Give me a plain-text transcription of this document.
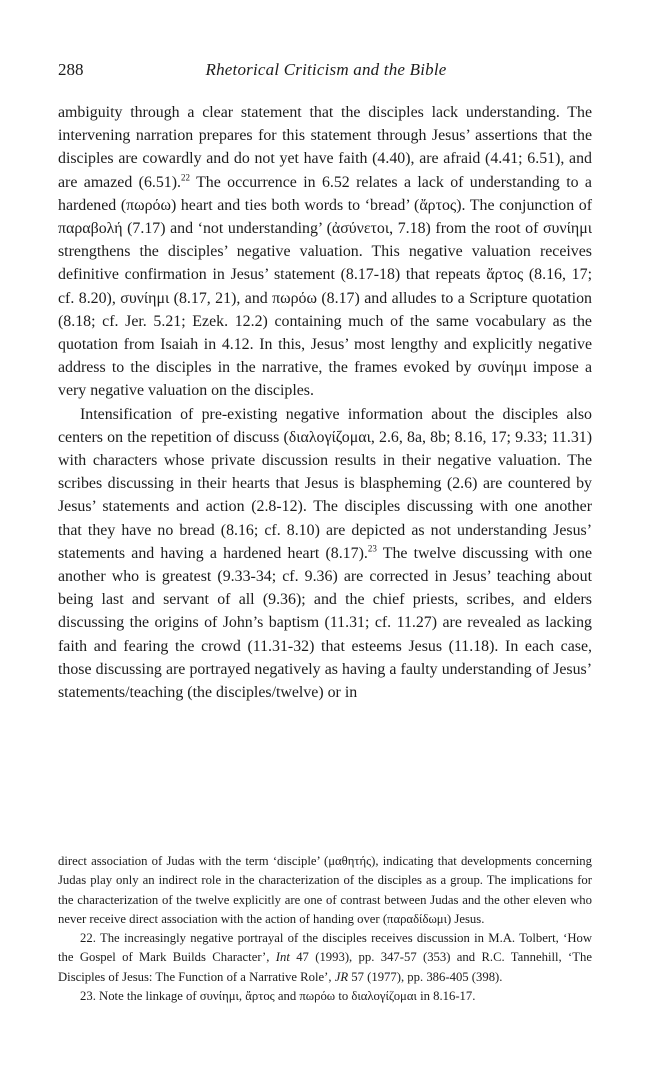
288	Rhetorical Criticism and the Bible

ambiguity through a clear statement that the disciples lack understanding. The intervening narration prepares for this statement through Jesus’ assertions that the disciples are cowardly and do not yet have faith (4.40), are afraid (4.41; 6.51), and are amazed (6.51).$^{22}$ The occurrence in 6.52 relates a lack of understanding to a hardened (πωρόω) heart and ties both words to ‘bread’ (ἄρτος). The conjunction of παραβολή (7.17) and ‘not understanding’ (ἀσύνετοι, 7.18) from the root of συνίημι strengthens the disciples’ negative valuation. This negative valuation receives definitive confirmation in Jesus’ statement (8.17-18) that repeats ἄρτος (8.16, 17; cf. 8.20), συνίημι (8.17, 21), and πωρόω (8.17) and alludes to a Scripture quotation (8.18; cf. Jer. 5.21; Ezek. 12.2) containing much of the same vocabulary as the quotation from Isaiah in 4.12. In this, Jesus’ most lengthy and explicitly negative address to the disciples in the narrative, the frames evoked by συνίημι impose a very negative valuation on the disciples.

Intensification of pre-existing negative information about the disciples also centers on the repetition of discuss (διαλογίζομαι, 2.6, 8a, 8b; 8.16, 17; 9.33; 11.31) with characters whose private discussion results in their negative valuation. The scribes discussing in their hearts that Jesus is blaspheming (2.6) are countered by Jesus’ statements and action (2.8-12). The disciples discussing with one another that they have no bread (8.16; cf. 8.10) are depicted as not understanding Jesus’ statements and having a hardened heart (8.17).$^{23}$ The twelve discussing with one another who is greatest (9.33-34; cf. 9.36) are corrected in Jesus’ teaching about being last and servant of all (9.36); and the chief priests, scribes, and elders discussing the origins of John’s baptism (11.31; cf. 11.27) are revealed as lacking faith and fearing the crowd (11.31-32) that esteems Jesus (11.18). In each case, those discussing are portrayed negatively as having a faulty understanding of Jesus’ statements/teaching (the disciples/twelve) or in

direct association of Judas with the term ‘disciple’ (μαθητής), indicating that developments concerning Judas play only an indirect role in the characterization of the disciples as a group. The implications for the characterization of the twelve explicitly are one of contrast between Judas and the other eleven who never receive direct association with the action of handing over (παραδίδωμι) Jesus.

22. The increasingly negative portrayal of the disciples receives discussion in M.A. Tolbert, ‘How the Gospel of Mark Builds Character’, Int 47 (1993), pp. 347-57 (353) and R.C. Tannehill, ‘The Disciples of Jesus: The Function of a Narrative Role’, JR 57 (1977), pp. 386-405 (398).

23. Note the linkage of συνίημι, ἄρτος and πωρόω to διαλογίζομαι in 8.16-17.
